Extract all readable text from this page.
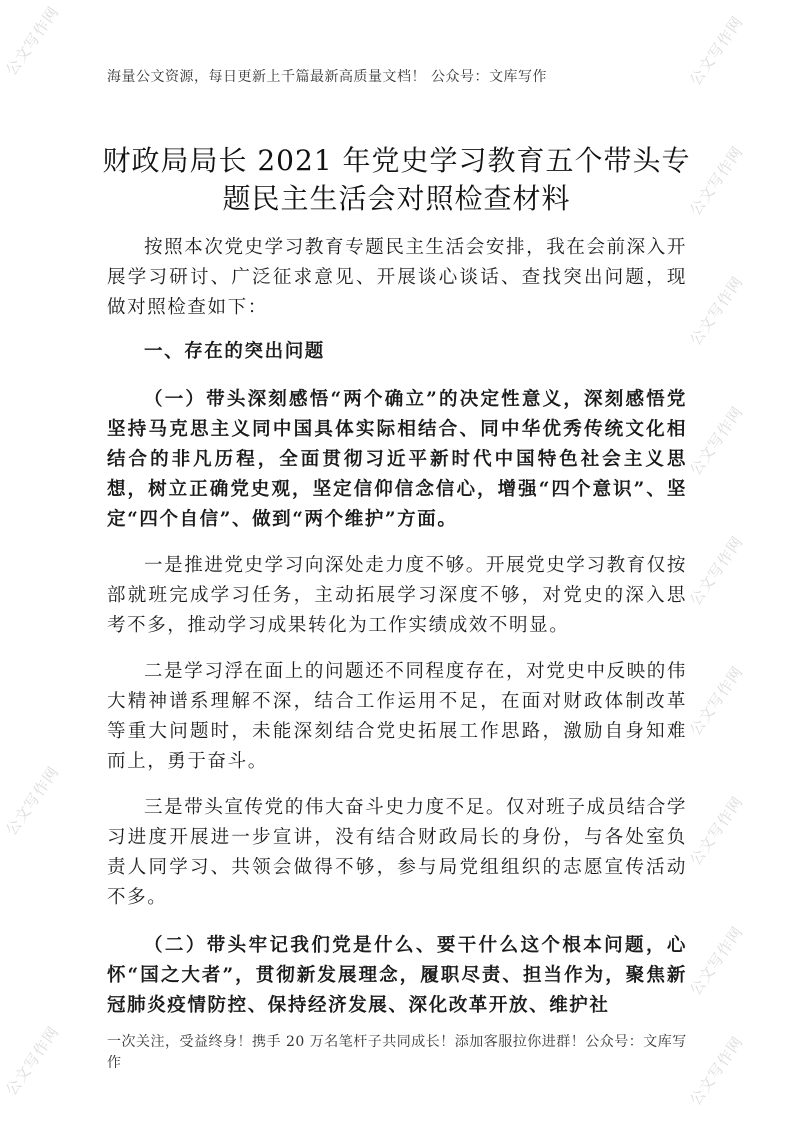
公文写作网
公文写作网
公文写作网
公文写作网
公文写作网
公文写作网
公文写作网
公文写作网
公文写作网
公文写作网
公文写作网
公文写作网
海量公文资源，每日更新上千篇最新高质量文档！ 公众号：文库写作
财政局局长 2021 年党史学习教育五个带头专
题民主生活会对照检查材料

按照本次党史学习教育专题民主生活会安排，我在会前深入开展学习研讨、广泛征求意见、开展谈心谈话、查找突出问题，现做对照检查如下：

一、存在的突出问题

（一）带头深刻感悟“两个确立”的决定性意义，深刻感悟党坚持马克思主义同中国具体实际相结合、同中华优秀传统文化相结合的非凡历程，全面贯彻习近平新时代中国特色社会主义思想，树立正确党史观，坚定信仰信念信心，增强“四个意识”、坚定“四个自信”、做到“两个维护”方面。

一是推进党史学习向深处走力度不够。开展党史学习教育仅按部就班完成学习任务，主动拓展学习深度不够，对党史的深入思考不多，推动学习成果转化为工作实绩成效不明显。

二是学习浮在面上的问题还不同程度存在，对党史中反映的伟大精神谱系理解不深，结合工作运用不足，在面对财政体制改革等重大问题时，未能深刻结合党史拓展工作思路，激励自身知难而上，勇于奋斗。

三是带头宣传党的伟大奋斗史力度不足。仅对班子成员结合学习进度开展进一步宣讲，没有结合财政局长的身份，与各处室负责人同学习、共领会做得不够，参与局党组组织的志愿宣传活动不多。

（二）带头牢记我们党是什么、要干什么这个根本问题，心怀“国之大者”，贯彻新发展理念，履职尽责、担当作为，聚焦新冠肺炎疫情防控、保持经济发展、深化改革开放、维护社

一次关注，受益终身！携手 20 万名笔杆子共同成长！添加客服拉你进群！公众号：文库写作
